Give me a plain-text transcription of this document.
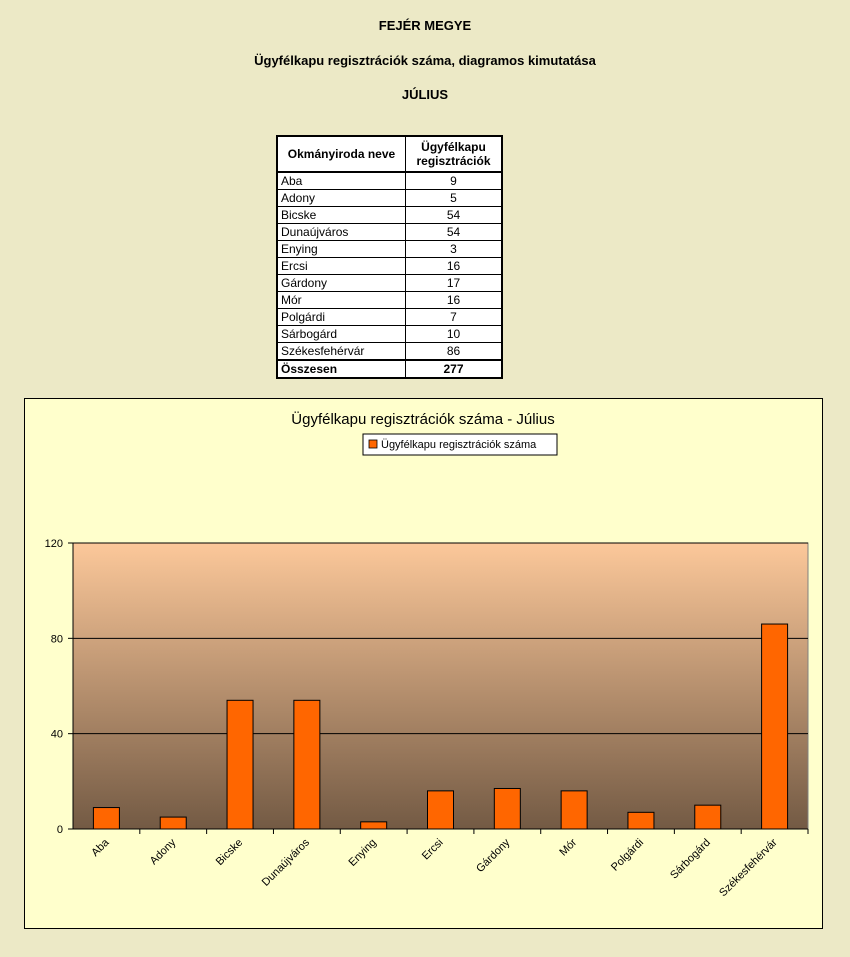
FEJÉR MEGYE
Ügyfélkapu regisztrációk száma, diagramos kimutatása
JÚLIUS
Okmányiroda neve	Ügyfélkapu regisztrációk
Aba	9
Adony	5
Bicske	54
Dunaújváros	54
Enying	3
Ercsi	16
Gárdony	17
Mór	16
Polgárdi	7
Sárbogárd	10
Székesfehérvár	86
Összesen	277
Ügyfélkapu regisztrációk száma - Július
Ügyfélkapu regisztrációk száma
0
40
80
120
Aba	Adony	Bicske Dunaújváros	Enying	Ercsi	Gárdony	Mór	Polgárdi Sárbogárd Székesfehérvár
